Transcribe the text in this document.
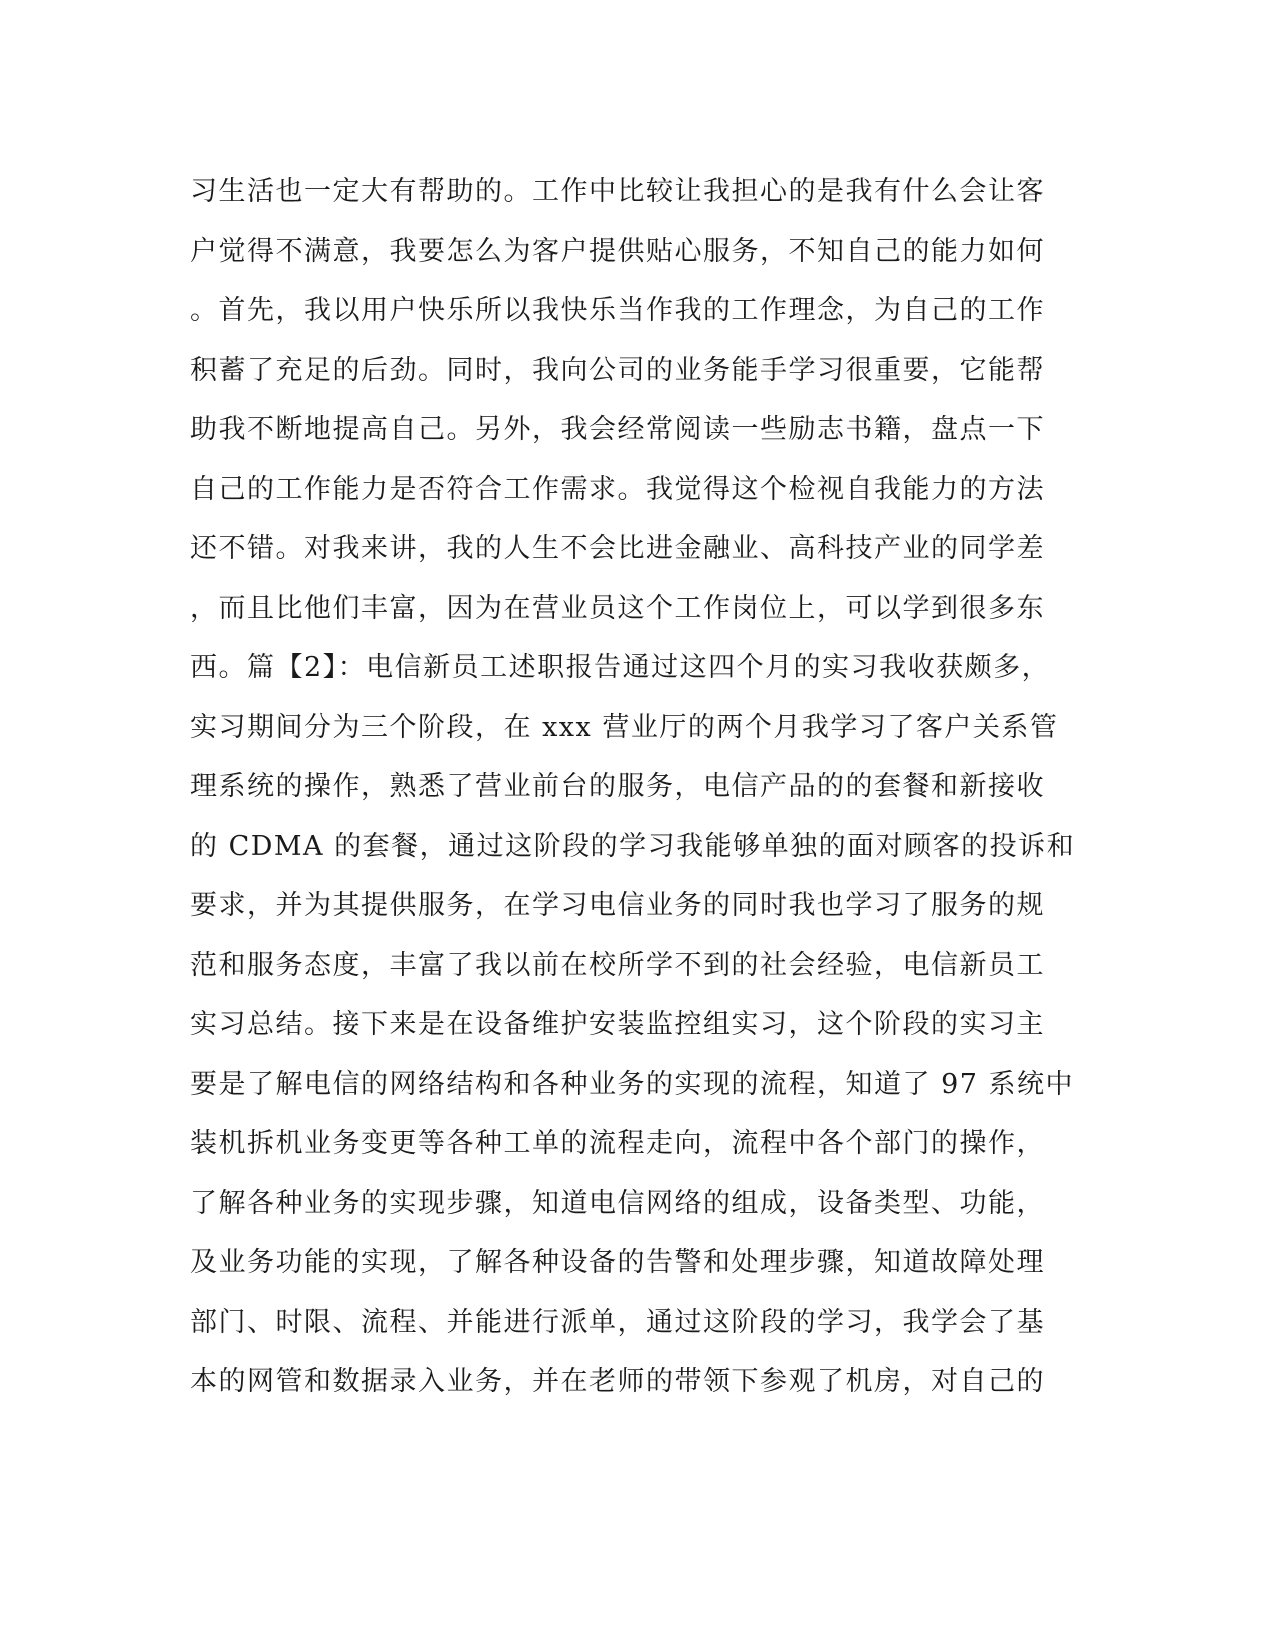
习生活也一定大有帮助的。工作中比较让我担心的是我有什么会让客
户觉得不满意，我要怎么为客户提供贴心服务，不知自己的能力如何
。首先，我以用户快乐所以我快乐当作我的工作理念，为自己的工作
积蓄了充足的后劲。同时，我向公司的业务能手学习很重要，它能帮
助我不断地提高自己。另外，我会经常阅读一些励志书籍，盘点一下
自己的工作能力是否符合工作需求。我觉得这个检视自我能力的方法
还不错。对我来讲，我的人生不会比进金融业、高科技产业的同学差
，而且比他们丰富，因为在营业员这个工作岗位上，可以学到很多东
西。篇【2】：电信新员工述职报告通过这四个月的实习我收获颇多，
实习期间分为三个阶段，在 xxx 营业厅的两个月我学习了客户关系管
理系统的操作，熟悉了营业前台的服务，电信产品的的套餐和新接收
的 CDMA 的套餐，通过这阶段的学习我能够单独的面对顾客的投诉和
要求，并为其提供服务，在学习电信业务的同时我也学习了服务的规
范和服务态度，丰富了我以前在校所学不到的社会经验，电信新员工
实习总结。接下来是在设备维护安装监控组实习，这个阶段的实习主
要是了解电信的网络结构和各种业务的实现的流程，知道了 97 系统中
装机拆机业务变更等各种工单的流程走向，流程中各个部门的操作，
了解各种业务的实现步骤，知道电信网络的组成，设备类型、功能，
及业务功能的实现，了解各种设备的告警和处理步骤，知道故障处理
部门、时限、流程、并能进行派单，通过这阶段的学习，我学会了基
本的网管和数据录入业务，并在老师的带领下参观了机房，对自己的
